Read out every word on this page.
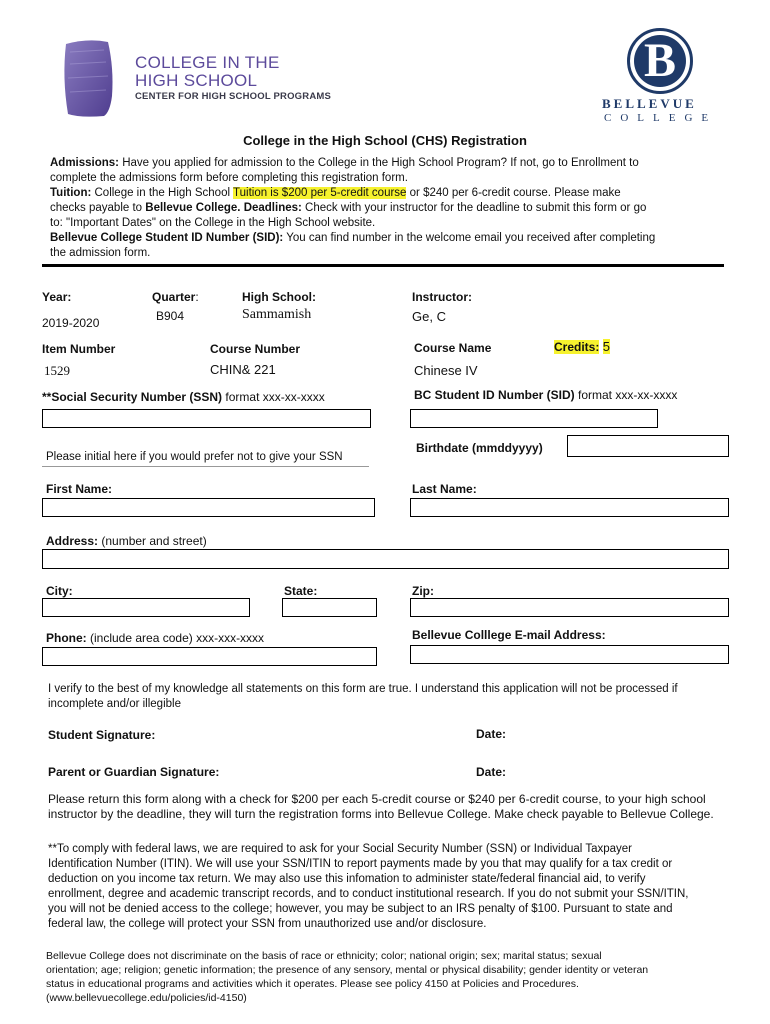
COLLEGE IN THE
HIGH SCHOOL
CENTER FOR HIGH SCHOOL PROGRAMS
B
BELLEVUE
COLLEGE
College in the High School (CHS) Registration
Admissions: Have you applied for admission to the College in the High School Program? If not, go to Enrollment to
complete the admissions form before completing this registration form.
Tuition: College in the High School Tuition is $200 per 5-credit course or $240 per 6-credit course. Please make
checks payable to Bellevue College. Deadlines: Check with your instructor for the deadline to submit this form or go
to: "Important Dates" on the College in the High School website.
Bellevue College Student ID Number (SID): You can find number in the welcome email you received after completing
the admission form.
Year:
2019-2020
Quarter:
B904
High School:
Sammamish
Instructor:
Ge, C
Item Number
1529
Course Number
CHIN& 221
Course Name
Chinese IV
Credits: 5
**Social Security Number (SSN) format xxx-xx-xxxx	BC Student ID Number (SID) format xxx-xx-xxxx
Please initial here if you would prefer not to give your SSN
Birthdate (mmddyyyy)
First Name:	Last Name:
Address: (number and street)
City:	State:	Zip:
Phone: (include area code) xxx-xxx-xxxx	Bellevue Colllege E-mail Address:
I verify to the best of my knowledge all statements on this form are true. I understand this application will not be processed if
incomplete and/or illegible
Student Signature:	Date:
Parent or Guardian Signature:	Date:
Please return this form along with a check for $200 per each 5-credit course or $240 per 6-credit course, to your high school
instructor by the deadline, they will turn the registration forms into Bellevue College. Make check payable to Bellevue College.
**To comply with federal laws, we are required to ask for your Social Security Number (SSN) or Individual Taxpayer
Identification Number (ITIN). We will use your SSN/ITIN to report payments made by you that may qualify for a tax credit or
deduction on you income tax return. We may also use this infomation to administer state/federal financial aid, to verify
enrollment, degree and academic transcript records, and to conduct institutional research. If you do not submit your SSN/ITIN,
you will not be denied access to the college; however, you may be subject to an IRS penalty of $100. Pursuant to state and
federal law, the college will protect your SSN from unauthorized use and/or disclosure.
Bellevue College does not discriminate on the basis of race or ethnicity; color; national origin; sex; marital status; sexual
orientation; age; religion; genetic information; the presence of any sensory, mental or physical disability; gender identity or veteran
status in educational programs and activities which it operates. Please see policy 4150 at Policies and Procedures.
(www.bellevuecollege.edu/policies/id-4150)
